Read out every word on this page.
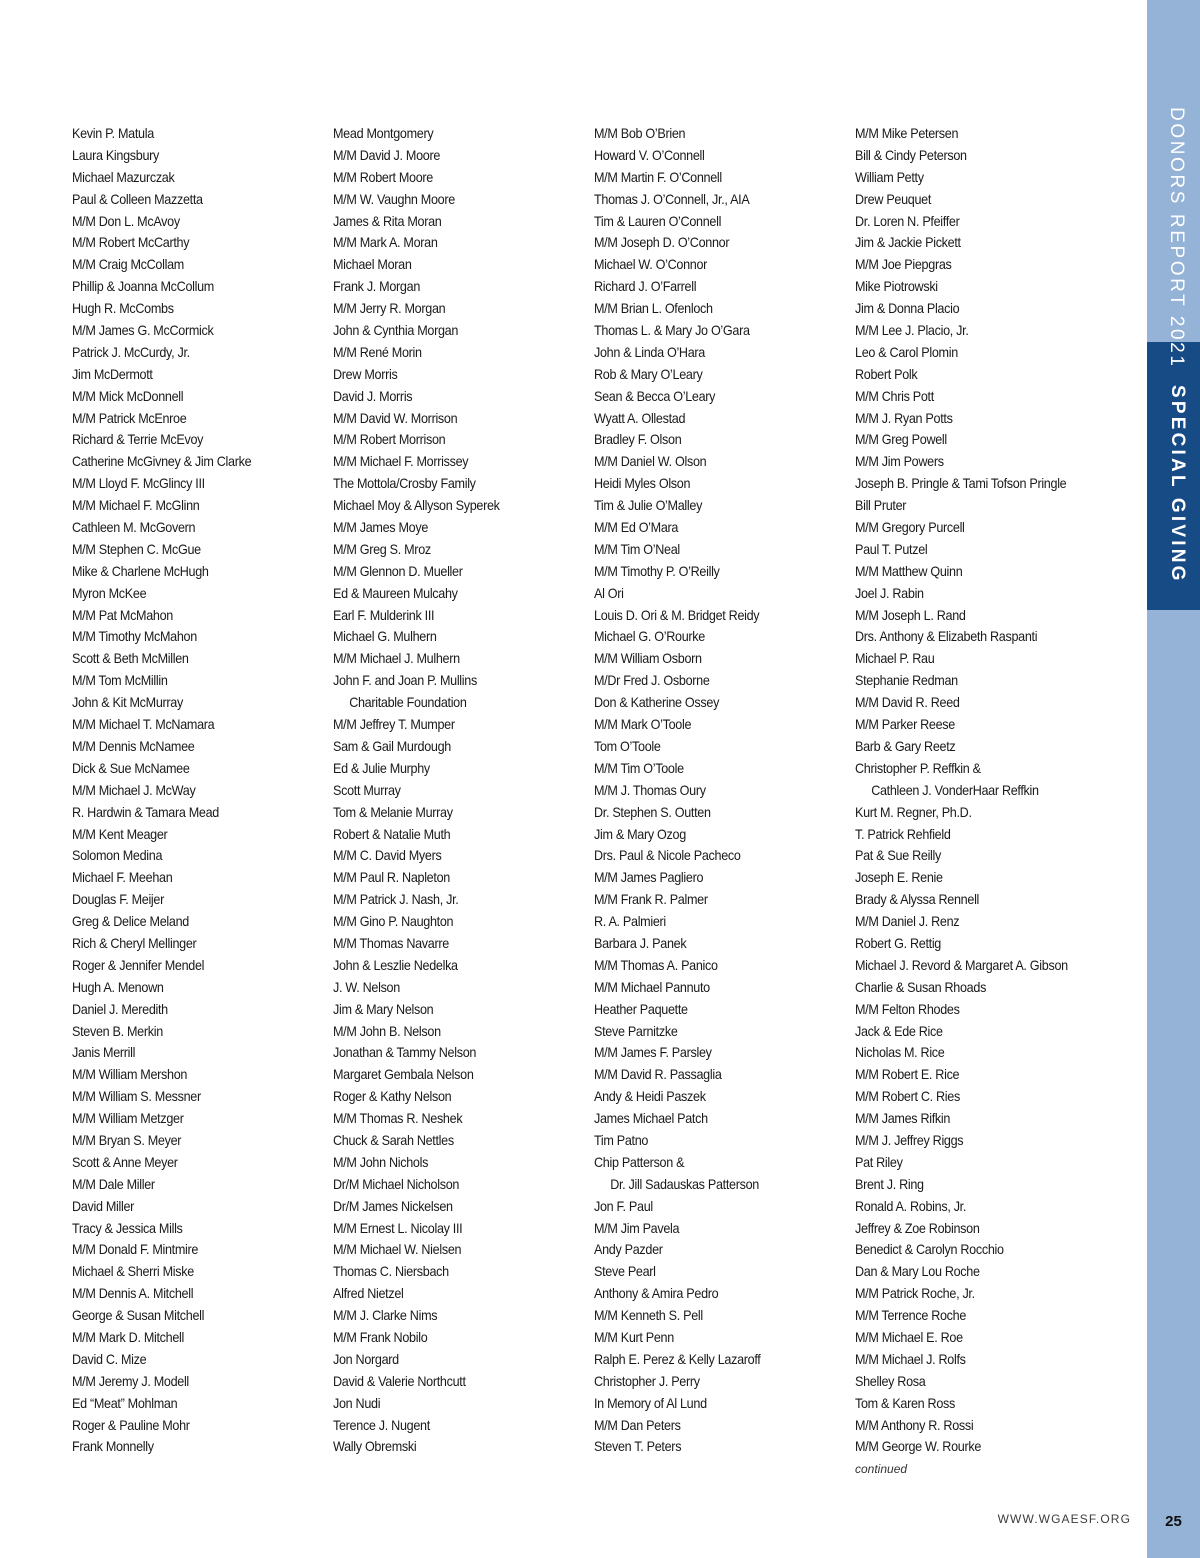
DONORS REPORT 2021
SPECIAL GIVING
Kevin P. Matula
Laura Kingsbury
Michael Mazurczak
Paul & Colleen Mazzetta
M/M Don L. McAvoy
M/M Robert McCarthy
M/M Craig McCollam
Phillip & Joanna McCollum
Hugh R. McCombs
M/M James G. McCormick
Patrick J. McCurdy, Jr.
Jim McDermott
M/M Mick McDonnell
M/M Patrick McEnroe
Richard & Terrie McEvoy
Catherine McGivney & Jim Clarke
M/M Lloyd F. McGlincy III
M/M Michael F. McGlinn
Cathleen M. McGovern
M/M Stephen C. McGue
Mike & Charlene McHugh
Myron McKee
M/M Pat McMahon
M/M Timothy McMahon
Scott & Beth McMillen
M/M Tom McMillin
John & Kit McMurray
M/M Michael T. McNamara
M/M Dennis McNamee
Dick & Sue McNamee
M/M Michael J. McWay
R. Hardwin & Tamara Mead
M/M Kent Meager
Solomon Medina
Michael F. Meehan
Douglas F. Meijer
Greg & Delice Meland
Rich & Cheryl Mellinger
Roger & Jennifer Mendel
Hugh A. Menown
Daniel J. Meredith
Steven B. Merkin
Janis Merrill
M/M William Mershon
M/M William S. Messner
M/M William Metzger
M/M Bryan S. Meyer
Scott & Anne Meyer
M/M Dale Miller
David Miller
Tracy & Jessica Mills
M/M Donald F. Mintmire
Michael & Sherri Miske
M/M Dennis A. Mitchell
George & Susan Mitchell
M/M Mark D. Mitchell
David C. Mize
M/M Jeremy J. Modell
Ed “Meat” Mohlman
Roger & Pauline Mohr
Frank Monnelly
Mead Montgomery
M/M David J. Moore
M/M Robert Moore
M/M W. Vaughn Moore
James & Rita Moran
M/M Mark A. Moran
Michael Moran
Frank J. Morgan
M/M Jerry R. Morgan
John & Cynthia Morgan
M/M René Morin
Drew Morris
David J. Morris
M/M David W. Morrison
M/M Robert Morrison
M/M Michael F. Morrissey
The Mottola/Crosby Family
Michael Moy & Allyson Syperek
M/M James Moye
M/M Greg S. Mroz
M/M Glennon D. Mueller
Ed & Maureen Mulcahy
Earl F. Mulderink III
Michael G. Mulhern
M/M Michael J. Mulhern
John F. and Joan P. Mullins
Charitable Foundation
M/M Jeffrey T. Mumper
Sam & Gail Murdough
Ed & Julie Murphy
Scott Murray
Tom & Melanie Murray
Robert & Natalie Muth
M/M C. David Myers
M/M Paul R. Napleton
M/M Patrick J. Nash, Jr.
M/M Gino P. Naughton
M/M Thomas Navarre
John & Leszlie Nedelka
J. W. Nelson
Jim & Mary Nelson
M/M John B. Nelson
Jonathan & Tammy Nelson
Margaret Gembala Nelson
Roger & Kathy Nelson
M/M Thomas R. Neshek
Chuck & Sarah Nettles
M/M John Nichols
Dr/M Michael Nicholson
Dr/M James Nickelsen
M/M Ernest L. Nicolay III
M/M Michael W. Nielsen
Thomas C. Niersbach
Alfred Nietzel
M/M J. Clarke Nims
M/M Frank Nobilo
Jon Norgard
David & Valerie Northcutt
Jon Nudi
Terence J. Nugent
Wally Obremski
M/M Bob O’Brien
Howard V. O’Connell
M/M Martin F. O’Connell
Thomas J. O’Connell, Jr., AIA
Tim & Lauren O’Connell
M/M Joseph D. O’Connor
Michael W. O’Connor
Richard J. O’Farrell
M/M Brian L. Ofenloch
Thomas L. & Mary Jo O’Gara
John & Linda O’Hara
Rob & Mary O’Leary
Sean & Becca O’Leary
Wyatt A. Ollestad
Bradley F. Olson
M/M Daniel W. Olson
Heidi Myles Olson
Tim & Julie O’Malley
M/M Ed O’Mara
M/M Tim O’Neal
M/M Timothy P. O’Reilly
Al Ori
Louis D. Ori & M. Bridget Reidy
Michael G. O’Rourke
M/M William Osborn
M/Dr Fred J. Osborne
Don & Katherine Ossey
M/M Mark O’Toole
Tom O’Toole
M/M Tim O’Toole
M/M J. Thomas Oury
Dr. Stephen S. Outten
Jim & Mary Ozog
Drs. Paul & Nicole Pacheco
M/M James Pagliero
M/M Frank R. Palmer
R. A. Palmieri
Barbara J. Panek
M/M Thomas A. Panico
M/M Michael Pannuto
Heather Paquette
Steve Parnitzke
M/M James F. Parsley
M/M David R. Passaglia
Andy & Heidi Paszek
James Michael Patch
Tim Patno
Chip Patterson &
Dr. Jill Sadauskas Patterson
Jon F. Paul
M/M Jim Pavela
Andy Pazder
Steve Pearl
Anthony & Amira Pedro
M/M Kenneth S. Pell
M/M Kurt Penn
Ralph E. Perez & Kelly Lazaroff
Christopher J. Perry
In Memory of Al Lund
M/M Dan Peters
Steven T. Peters
M/M Mike Petersen
Bill & Cindy Peterson
William Petty
Drew Peuquet
Dr. Loren N. Pfeiffer
Jim & Jackie Pickett
M/M Joe Piepgras
Mike Piotrowski
Jim & Donna Placio
M/M Lee J. Placio, Jr.
Leo & Carol Plomin
Robert Polk
M/M Chris Pott
M/M J. Ryan Potts
M/M Greg Powell
M/M Jim Powers
Joseph B. Pringle & Tami Tofson Pringle
Bill Pruter
M/M Gregory Purcell
Paul T. Putzel
M/M Matthew Quinn
Joel J. Rabin
M/M Joseph L. Rand
Drs. Anthony & Elizabeth Raspanti
Michael P. Rau
Stephanie Redman
M/M David R. Reed
M/M Parker Reese
Barb & Gary Reetz
Christopher P. Reffkin &
Cathleen J. VonderHaar Reffkin
Kurt M. Regner, Ph.D.
T. Patrick Rehfield
Pat & Sue Reilly
Joseph E. Renie
Brady & Alyssa Rennell
M/M Daniel J. Renz
Robert G. Rettig
Michael J. Revord & Margaret A. Gibson
Charlie & Susan Rhoads
M/M Felton Rhodes
Jack & Ede Rice
Nicholas M. Rice
M/M Robert E. Rice
M/M Robert C. Ries
M/M James Rifkin
M/M J. Jeffrey Riggs
Pat Riley
Brent J. Ring
Ronald A. Robins, Jr.
Jeffrey & Zoe Robinson
Benedict & Carolyn Rocchio
Dan & Mary Lou Roche
M/M Patrick Roche, Jr.
M/M Terrence Roche
M/M Michael E. Roe
M/M Michael J. Rolfs
Shelley Rosa
Tom & Karen Ross
M/M Anthony R. Rossi
M/M George W. Rourke
continued
WWW.WGAESF.ORG	25
